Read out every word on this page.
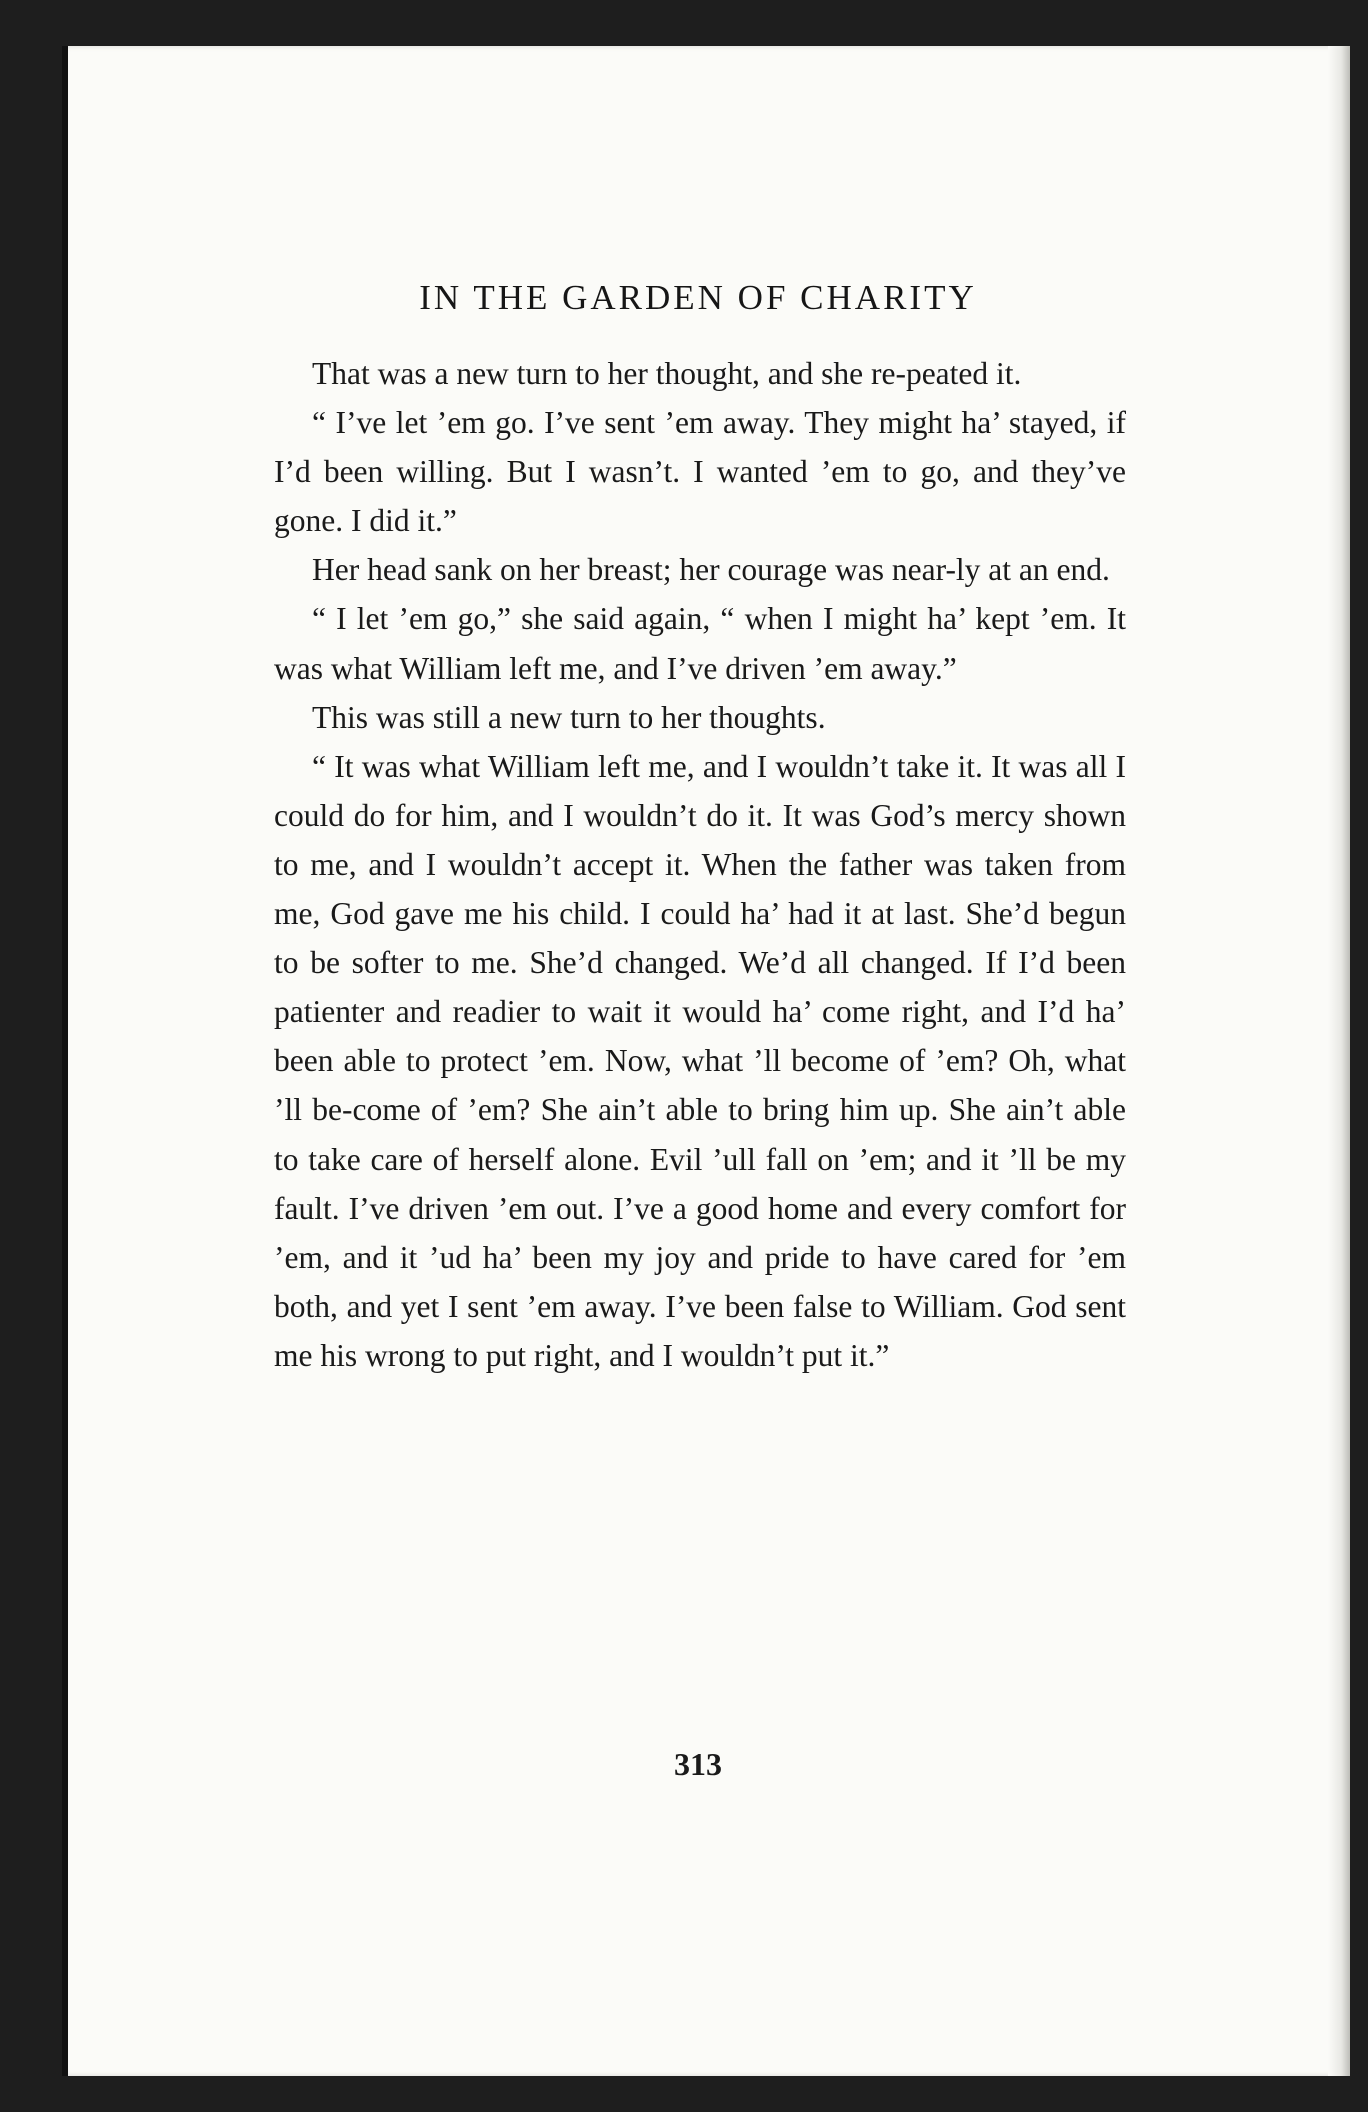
IN THE GARDEN OF CHARITY

That was a new turn to her thought, and she re-peated it.

“ I’ve let ’em go. I’ve sent ’em away. They might ha’ stayed, if I’d been willing. But I wasn’t. I wanted ’em to go, and they’ve gone. I did it.”

Her head sank on her breast; her courage was near-ly at an end.

“ I let ’em go,” she said again, “ when I might ha’ kept ’em. It was what William left me, and I’ve driven ’em away.”

This was still a new turn to her thoughts.

“ It was what William left me, and I wouldn’t take it. It was all I could do for him, and I wouldn’t do it. It was God’s mercy shown to me, and I wouldn’t accept it. When the father was taken from me, God gave me his child. I could ha’ had it at last. She’d begun to be softer to me. She’d changed. We’d all changed. If I’d been patienter and readier to wait it would ha’ come right, and I’d ha’ been able to protect ’em. Now, what ’ll become of ’em? Oh, what ’ll be-come of ’em? She ain’t able to bring him up. She ain’t able to take care of herself alone. Evil ’ull fall on ’em; and it ’ll be my fault. I’ve driven ’em out. I’ve a good home and every comfort for ’em, and it ’ud ha’ been my joy and pride to have cared for ’em both, and yet I sent ’em away. I’ve been false to William. God sent me his wrong to put right, and I wouldn’t put it.”

313
